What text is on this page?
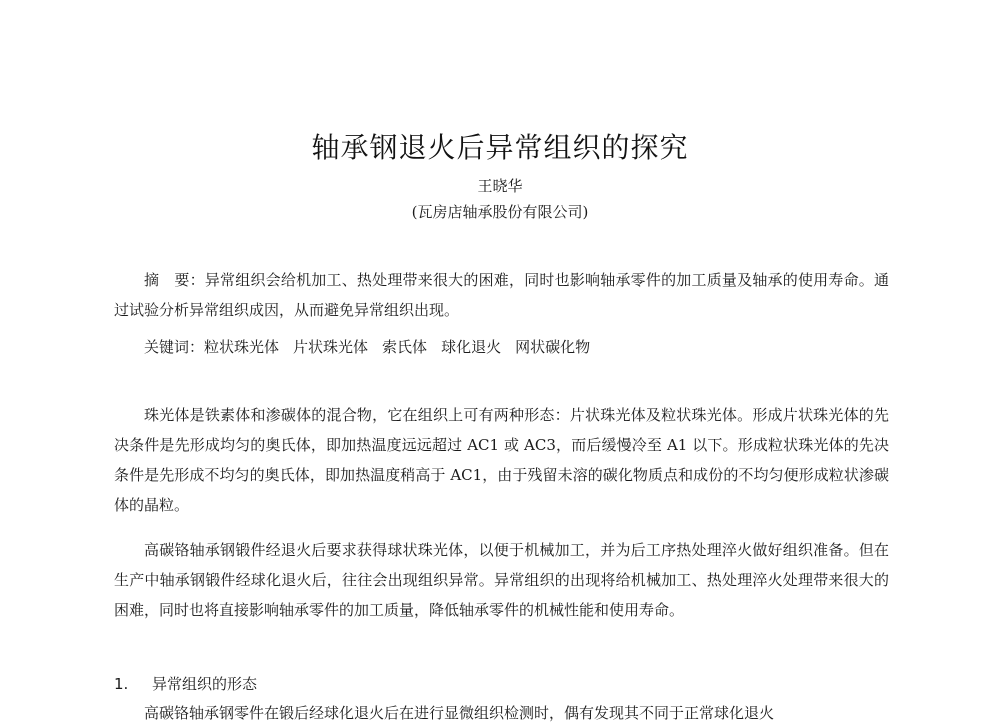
轴承钢退火后异常组织的探究

王晓华

(瓦房店轴承股份有限公司)

摘　要：异常组织会给机加工、热处理带来很大的困难，同时也影响轴承零件的加工质量及轴承的使用寿命。通过试验分析异常组织成因，从而避免异常组织出现。

关键词：粒状珠光体 片状珠光体 索氏体 球化退火 网状碳化物

珠光体是铁素体和渗碳体的混合物，它在组织上可有两种形态：片状珠光体及粒状珠光体。形成片状珠光体的先决条件是先形成均匀的奥氏体，即加热温度远远超过 AC1 或 AC3，而后缓慢冷至 A1 以下。形成粒状珠光体的先决条件是先形成不均匀的奥氏体，即加热温度稍高于 AC1，由于残留未溶的碳化物质点和成份的不均匀便形成粒状渗碳体的晶粒。

高碳铬轴承钢锻件经退火后要求获得球状珠光体，以便于机械加工，并为后工序热处理淬火做好组织准备。但在生产中轴承钢锻件经球化退火后，往往会出现组织异常。异常组织的出现将给机械加工、热处理淬火处理带来很大的困难，同时也将直接影响轴承零件的加工质量，降低轴承零件的机械性能和使用寿命。

1. 异常组织的形态

高碳铬轴承钢零件在锻后经球化退火后在进行显微组织检测时，偶有发现其不同于正常球化退火
